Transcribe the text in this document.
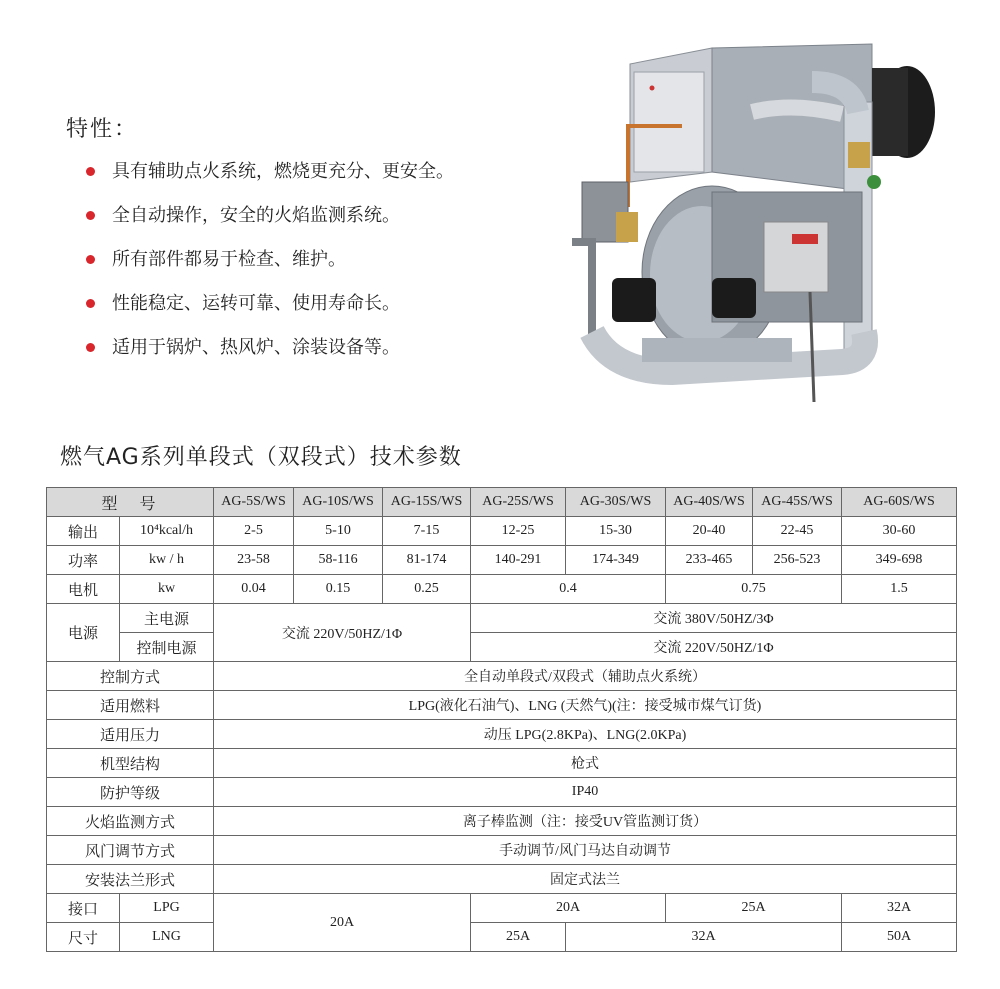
特性：
具有辅助点火系统，燃烧更充分、更安全。
全自动操作，安全的火焰监测系统。
所有部件都易于检查、维护。
性能稳定、运转可靠、使用寿命长。
适用于锅炉、热风炉、涂装设备等。
燃气AG系列单段式（双段式）技术参数
型　号		AG-5S/WS	AG-10S/WS	AG-15S/WS	AG-25S/WS	AG-30S/WS	AG-40S/WS	AG-45S/WS	AG-60S/WS
输出	10⁴kcal/h	2-5	5-10	7-15	12-25	15-30	20-40	22-45	30-60
功率	kw / h	23-58	58-116	81-174	140-291	174-349	233-465	256-523	349-698
电机	kw	0.04	0.15	0.25	0.4		0.75		1.5
电源	主电源	交流 220V/50HZ/1Φ			交流 380V/50HZ/3Φ				
	控制电源				交流 220V/50HZ/1Φ				
控制方式		全自动单段式/双段式（辅助点火系统）							
适用燃料		LPG(液化石油气)、LNG (天然气)(注：接受城市煤气订货)							
适用压力		动压 LPG(2.8KPa)、LNG(2.0KPa)							
机型结构		枪式							
防护等级		IP40							
火焰监测方式		离子棒监测（注：接受UV管监测订货）							
风门调节方式		手动调节/风门马达自动调节							
安装法兰形式		固定式法兰							
接口	LPG	20A			20A		25A		32A
尺寸	LNG				25A	32A			50A
